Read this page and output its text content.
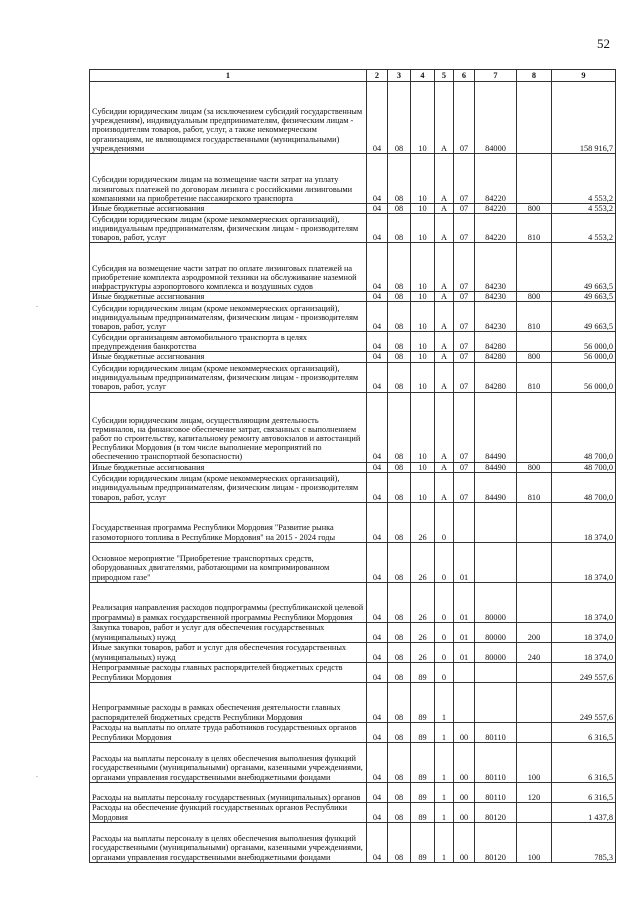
52
.
.
1	2	3	4	5	6	7	8	9
Субсидии юридическим лицам (за исключением субсидий государственным учреждениям), индивидуальным предпринимателям, физическим лицам - производителям товаров, работ, услуг, а также некоммерческим организациям, не являющимся государственными (муниципальными) учреждениями	04	08	10	А	07	84000		158 916,7
Субсидии юридическим лицам на возмещение части затрат на уплату лизинговых платежей по договорам лизинга с российскими лизинговыми компаниями на приобретение пассажирского транспорта	04	08	10	А	07	84220		4 553,2
Иные бюджетные ассигнования	04	08	10	А	07	84220	800	4 553,2
Субсидии юридическим лицам (кроме некоммерческих организаций), индивидуальным предпринимателям, физическим лицам - производителям товаров, работ, услуг	04	08	10	А	07	84220	810	4 553,2
Субсидия на возмещение части затрат по оплате лизинговых платежей на приобретение комплекта аэродромной техники на обслуживание наземной инфраструктуры аэропортового комплекса и воздушных судов	04	08	10	А	07	84230		49 663,5
Иные бюджетные ассигнования	04	08	10	А	07	84230	800	49 663,5
Субсидии юридическим лицам (кроме некоммерческих организаций), индивидуальным предпринимателям, физическим лицам - производителям товаров, работ, услуг	04	08	10	А	07	84230	810	49 663,5
Субсидии организациям автомобильного транспорта в целях предупреждения банкротства	04	08	10	А	07	84280		56 000,0
Иные бюджетные ассигнования	04	08	10	А	07	84280	800	56 000,0
Субсидии юридическим лицам (кроме некоммерческих организаций), индивидуальным предпринимателям, физическим лицам - производителям товаров, работ, услуг	04	08	10	А	07	84280	810	56 000,0
Субсидии юридическим лицам, осуществляющим деятельность терминалов, на финансовое обеспечение затрат, связанных с выполнением работ по строительству, капитальному ремонту автовокзалов и автостанций Республики Мордовия (в том числе выполнение мероприятий по обеспечению транспортной безопасности)	04	08	10	А	07	84490		48 700,0
Иные бюджетные ассигнования	04	08	10	А	07	84490	800	48 700,0
Субсидии юридическим лицам (кроме некоммерческих организаций), индивидуальным предпринимателям, физическим лицам - производителям товаров, работ, услуг	04	08	10	А	07	84490	810	48 700,0
Государственная программа Республики Мордовия "Развитие рынка газомоторного топлива в Республике Мордовия" на 2015 - 2024 годы	04	08	26	0				18 374,0
Основное мероприятие "Приобретение транспортных средств, оборудованных двигателями, работающими на компримированном природном газе"	04	08	26	0	01			18 374,0
Реализация направления расходов подпрограммы (республиканской целевой программы) в рамках государственной программы Республики Мордовия	04	08	26	0	01	80000		18 374,0
Закупка товаров, работ и услуг для обеспечения государственных (муниципальных) нужд	04	08	26	0	01	80000	200	18 374,0
Иные закупки товаров, работ и услуг для обеспечения государственных (муниципальных) нужд	04	08	26	0	01	80000	240	18 374,0
Непрограммные расходы главных распорядителей бюджетных средств Республики Мордовия	04	08	89	0				249 557,6
Непрограммные расходы в рамках обеспечения деятельности главных распорядителей бюджетных средств Республики Мордовия	04	08	89	1				249 557,6
Расходы на выплаты по оплате труда работников государственных органов Республики Мордовия	04	08	89	1	00	80110		6 316,5
Расходы на выплаты персоналу в целях обеспечения выполнения функций государственными (муниципальными) органами, казенными учреждениями, органами управления государственными внебюджетными фондами	04	08	89	1	00	80110	100	6 316,5
Расходы на выплаты персоналу государственных (муниципальных) органов	04	08	89	1	00	80110	120	6 316,5
Расходы на обеспечение функций государственных органов Республики Мордовия	04	08	89	1	00	80120		1 437,8
Расходы на выплаты персоналу в целях обеспечения выполнения функций государственными (муниципальными) органами, казенными учреждениями, органами управления государственными внебюджетными фондами	04	08	89	1	00	80120	100	785,3
